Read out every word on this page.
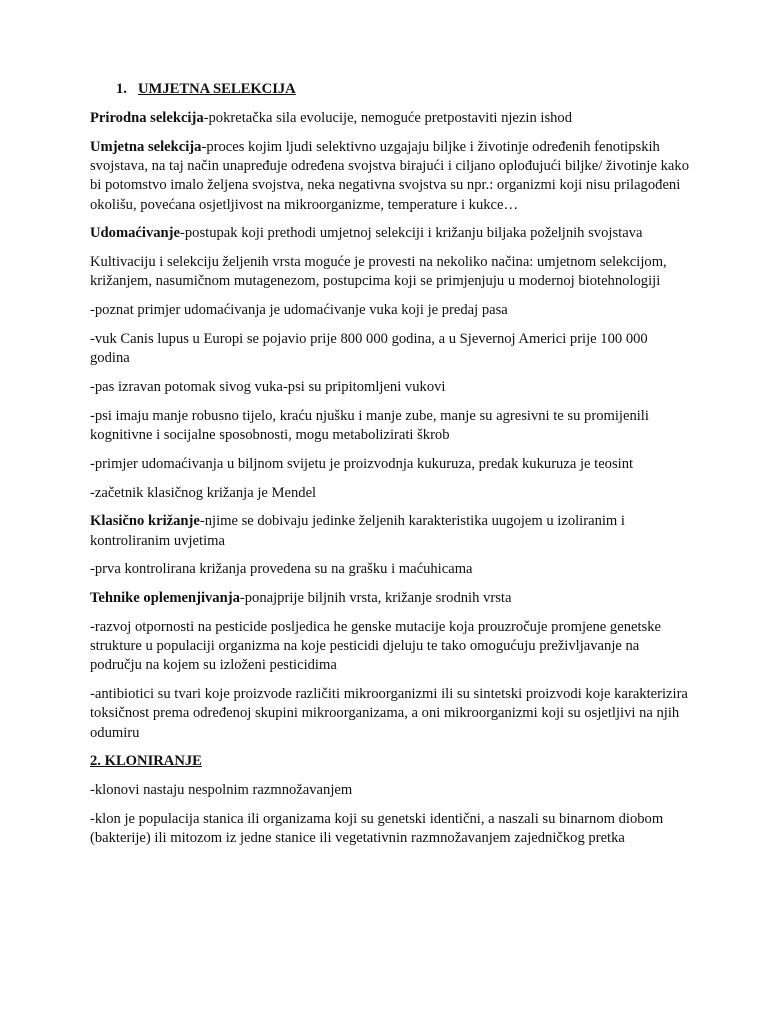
1. UMJETNA SELEKCIJA

Prirodna selekcija-pokretačka sila evolucije, nemoguće pretpostaviti njezin ishod

Umjetna selekcija-proces kojim ljudi selektivno uzgajaju biljke i životinje određenih fenotipskih svojstava, na taj način unapređuje određena svojstva birajući i ciljano oplođujući biljke/ životinje kako bi potomstvo imalo željena svojstva, neka negativna svojstva su npr.: organizmi koji nisu prilagođeni okolišu, povećana osjetljivost na mikroorganizme, temperature i kukce…

Udomaćivanje-postupak koji prethodi umjetnoj selekciji i križanju biljaka poželjnih svojstava

Kultivaciju i selekciju željenih vrsta moguće je provesti na nekoliko načina: umjetnom selekcijom, križanjem, nasumičnom mutagenezom, postupcima koji se primjenjuju u modernoj biotehnologiji

-poznat primjer udomaćivanja je udomaćivanje vuka koji je predaj pasa

-vuk Canis lupus u Europi se pojavio prije 800 000 godina, a u Sjevernoj Americi prije 100 000 godina

-pas izravan potomak sivog vuka-psi su pripitomljeni vukovi

-psi imaju manje robusno tijelo, kraću njušku i manje zube, manje su agresivni te su promijenili kognitivne i socijalne sposobnosti, mogu metabolizirati škrob

-primjer udomaćivanja u biljnom svijetu je proizvodnja kukuruza, predak kukuruza je teosint

-začetnik klasičnog križanja je Mendel

Klasično križanje-njime se dobivaju jedinke željenih karakteristika uugojem u izoliranim i kontroliranim uvjetima

-prva kontrolirana križanja provedena su na grašku i maćuhicama

Tehnike oplemenjivanja-ponajprije biljnih vrsta, križanje srodnih vrsta

-razvoj otpornosti na pesticide posljedica he genske mutacije koja prouzročuje promjene genetske strukture u populaciji organizma na koje pesticidi djeluju te tako omogućuju preživljavanje na području na kojem su izloženi pesticidima

-antibiotici su tvari koje proizvode različiti mikroorganizmi ili su sintetski proizvodi koje karakterizira toksičnost prema određenoj skupini mikroorganizama, a oni mikroorganizmi koji su osjetljivi na njih odumiru

2. KLONIRANJE

-klonovi nastaju nespolnim razmnožavanjem

-klon je populacija stanica ili organizama koji su genetski identični, a naszali su binarnom diobom (bakterije) ili mitozom iz jedne stanice ili vegetativnin razmnožavanjem zajedničkog pretka
